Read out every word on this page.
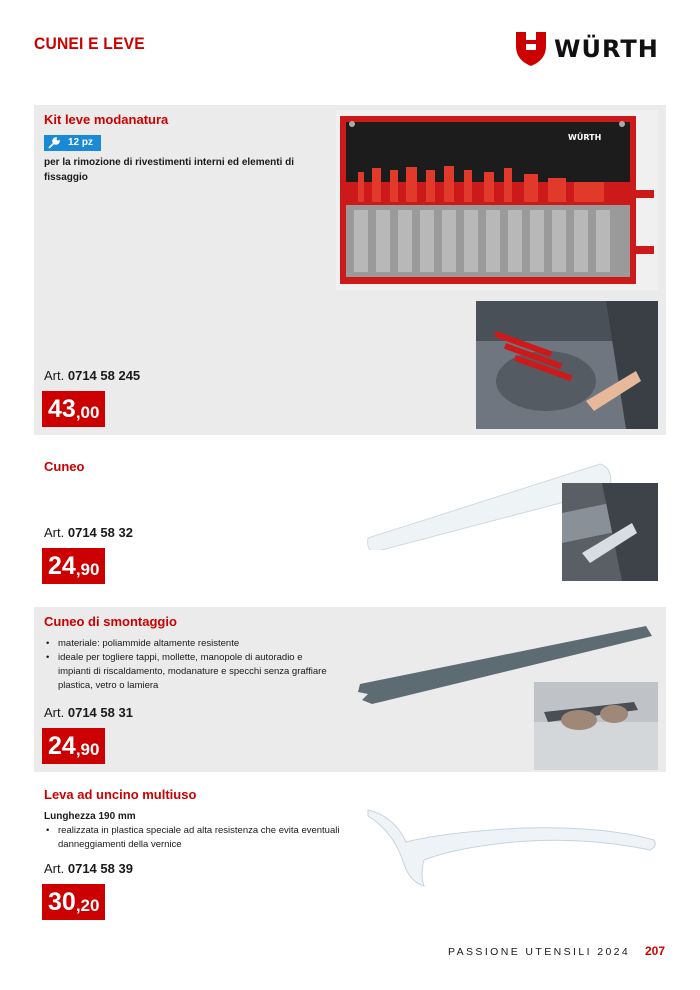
CUNEI E LEVE	WÜRTH
Kit leve modanatura
12 pz
per la rimozione di rivestimenti interni ed elementi di fissaggio
Art. 0714 58 245
43 ,00
WÜRTH
Cuneo
Art. 0714 58 32
24 ,90
Cuneo di smontaggio
• materiale: poliammide altamente resistente
• ideale per togliere tappi, mollette, manopole di autoradio e impianti di riscaldamento, modanature e specchi senza graffiare plastica, vetro o lamiera
Art. 0714 58 31
24 ,90
Leva ad uncino multiuso
Lunghezza 190 mm
• realizzata in plastica speciale ad alta resistenza che evita eventuali danneggiamenti della vernice
Art. 0714 58 39
30 ,20
PASSIONE UTENSILI 2024 207
